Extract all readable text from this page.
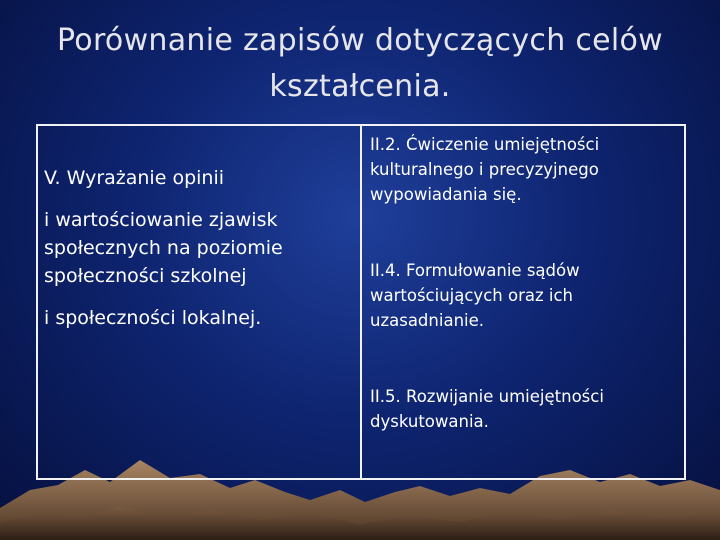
Porównanie zapisów dotyczących celów
kształcenia.
V. Wyrażanie opinii
i wartościowanie zjawisk
społecznych na poziomie
społeczności szkolnej
i społeczności lokalnej.
II.2. Ćwiczenie umiejętności
kulturalnego i precyzyjnego
wypowiadania się.
II.4. Formułowanie sądów
wartościujących oraz ich
uzasadnianie.
II.5. Rozwijanie umiejętności
dyskutowania.
